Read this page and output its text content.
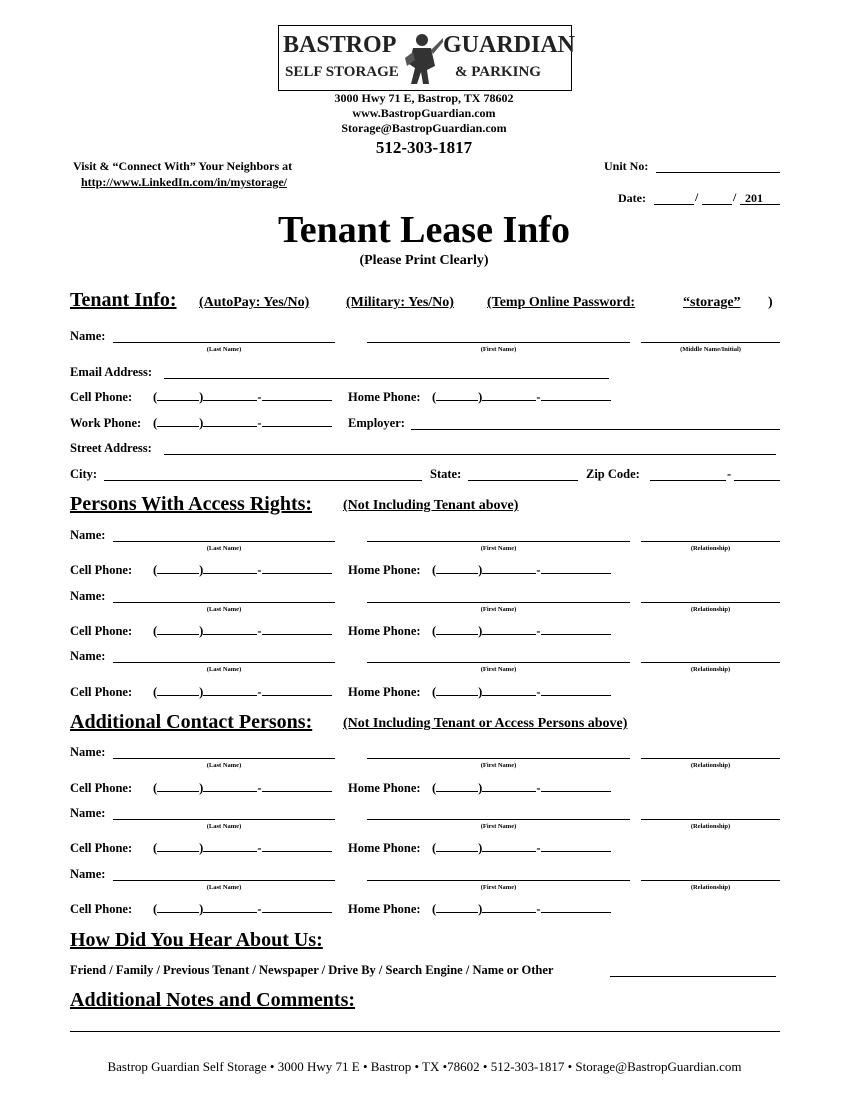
BASTROP GUARDIAN
SELF STORAGE	& PARKING
3000 Hwy 71 E, Bastrop, TX 78602
www.BastropGuardian.com
Storage@BastropGuardian.com
512-303-1817
Visit & “Connect With” Your Neighbors at
http://www.LinkedIn.com/in/mystorage/
Unit No:
Date:	/	/ 201
Tenant Lease Info
(Please Print Clearly)
Tenant Info: (AutoPay: Yes/No)	(Military: Yes/No) (Temp Online Password:	“storage” )
Name:
(Last Name)	(First Name)	(Middle Name/Initial)
Email Address:
Cell Phone: (	)	-	Home Phone: (	)	-
Work Phone: (	)	-	Employer:
Street Address:
City:	State:	Zip Code:	-
Persons With Access Rights: (Not Including Tenant above)
Name:
(Last Name)	(First Name)	(Relationship)
Cell Phone: (	)	-	Home Phone: (	)	-
Name:
(Last Name)	(First Name)	(Relationship)
Cell Phone: (	)	-	Home Phone: (	)	-
Name:
(Last Name)	(First Name)	(Relationship)
Cell Phone: (	)	-	Home Phone: (	)	-
Additional Contact Persons: (Not Including Tenant or Access Persons above)
Name:
(Last Name)	(First Name)	(Relationship)
Cell Phone: (	)	-	Home Phone: (	)	-
Name:
(Last Name)	(First Name)	(Relationship)
Cell Phone: (	)	-	Home Phone: (	)	-
Name:
(Last Name)	(First Name)	(Relationship)
Cell Phone: (	)	-	Home Phone: (	)	-
How Did You Hear About Us:
Friend / Family / Previous Tenant / Newspaper / Drive By / Search Engine / Name or Other
Additional Notes and Comments:
Bastrop Guardian Self Storage • 3000 Hwy 71 E • Bastrop • TX •78602 • 512-303-1817 • Storage@BastropGuardian.com
